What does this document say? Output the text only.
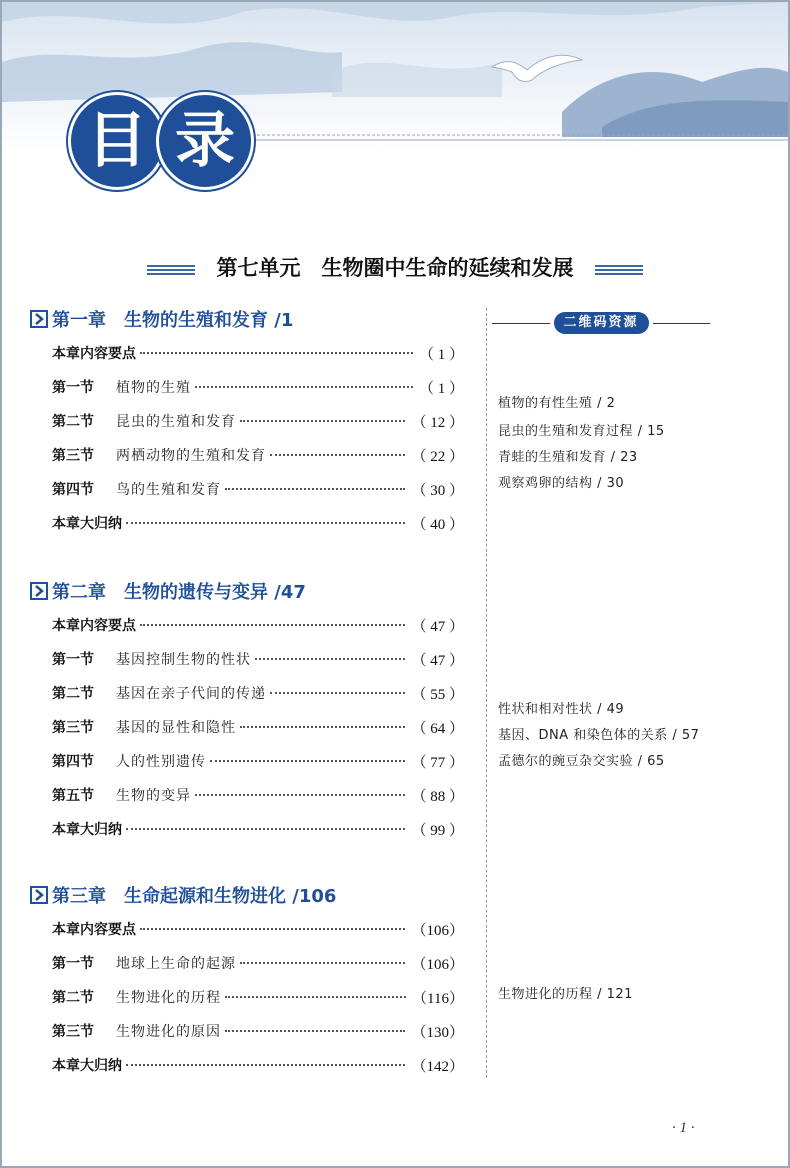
目 录
第七单元　生物圈中生命的延续和发展
第一章　生物的生殖和发育 /1
本章内容要点	（ 1 ）
第一节	植物的生殖	（ 1 ）
第二节	昆虫的生殖和发育	（ 12 ）
第三节	两栖动物的生殖和发育	（ 22 ）
第四节	鸟的生殖和发育	（ 30 ）
本章大归纳	（ 40 ）
第二章　生物的遗传与变异 /47
本章内容要点	（ 47 ）
第一节	基因控制生物的性状	（ 47 ）
第二节	基因在亲子代间的传递	（ 55 ）
第三节	基因的显性和隐性	（ 64 ）
第四节	人的性别遗传	（ 77 ）
第五节	生物的变异	（ 88 ）
本章大归纳	（ 99 ）
第三章　生命起源和生物进化 /106
本章内容要点	（106）
第一节	地球上生命的起源	（106）
第二节	生物进化的历程	（116）
第三节	生物进化的原因	（130）
本章大归纳	（142）
二维码资源
植物的有性生殖 / 2
昆虫的生殖和发育过程 / 15
青蛙的生殖和发育 / 23
观察鸡卵的结构 / 30
性状和相对性状 / 49
基因、DNA 和染色体的关系 / 57
孟德尔的豌豆杂交实验 / 65
生物进化的历程 / 121
· 1 ·
